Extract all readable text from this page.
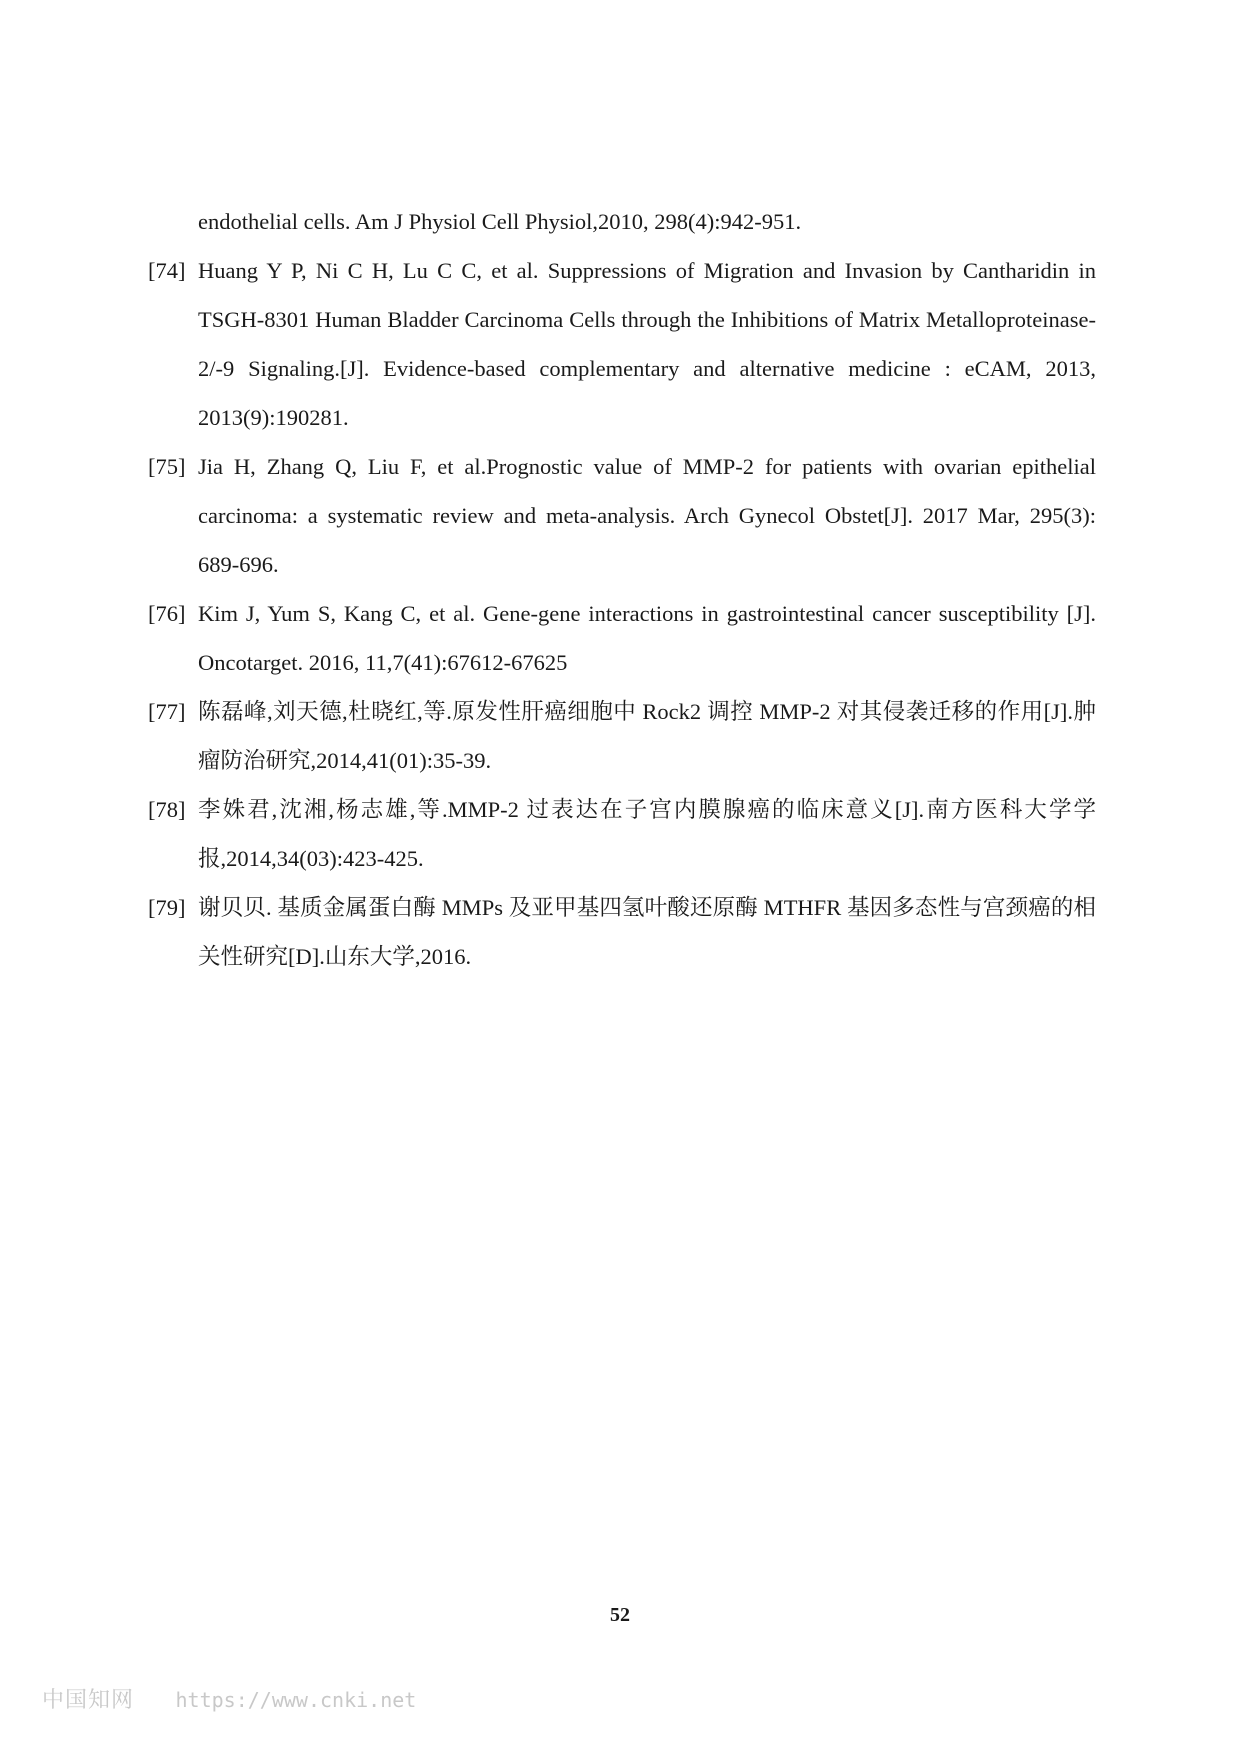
endothelial cells. Am J Physiol Cell Physiol,2010, 298(4):942-951.
[74] Huang Y P, Ni C H, Lu C C, et al. Suppressions of Migration and Invasion by Cantharidin in TSGH-8301 Human Bladder Carcinoma Cells through the Inhibitions of Matrix Metalloproteinase-2/-9 Signaling.[J]. Evidence-based complementary and alternative medicine : eCAM, 2013, 2013(9):190281.
[75] Jia H, Zhang Q, Liu F, et al.Prognostic value of MMP-2 for patients with ovarian epithelial carcinoma: a systematic review and meta-analysis. Arch Gynecol Obstet[J]. 2017 Mar, 295(3): 689-696.
[76] Kim J, Yum S, Kang C, et al. Gene-gene interactions in gastrointestinal cancer susceptibility [J]. Oncotarget. 2016, 11,7(41):67612-67625
[77] 陈磊峰,刘天德,杜晓红,等.原发性肝癌细胞中 Rock2 调控 MMP-2 对其侵袭迁移的作用[J].肿瘤防治研究,2014,41(01):35-39.
[78] 李姝君,沈湘,杨志雄,等.MMP-2 过表达在子宫内膜腺癌的临床意义[J].南方医科大学学报,2014,34(03):423-425.
[79] 谢贝贝. 基质金属蛋白酶 MMPs 及亚甲基四氢叶酸还原酶 MTHFR 基因多态性与宫颈癌的相关性研究[D].山东大学,2016.
52
中国知网 https://www.cnki.net
